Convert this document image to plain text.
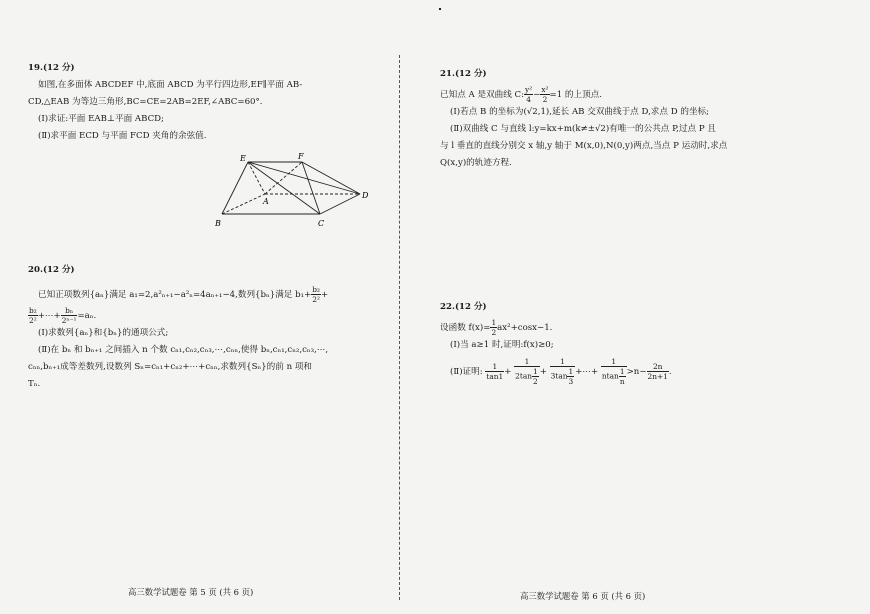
19.(12 分)
如图,在多面体 ABCDEF 中,底面 ABCD 为平行四边形,EF∥平面 AB-
CD,△EAB 为等边三角形,BC=CE=2AB=2EF,∠ABC=60°.
(Ⅰ)求证:平面 EAB⊥平面 ABCD;
(Ⅱ)求平面 ECD 与平面 FCD 夹角的余弦值.
E	F
A
B	C
D
20.(12 分)
已知正项数列{aₙ}满足 a₁=2,a²ₙ₊₁−a²ₙ=4aₙ₊₁−4,数列{bₙ}满足 $b_1+ \frac{\text{b₂}}{\text{2²}}$ +
$\frac{\text{b₂}}{\text{2²}}$ +⋯+ $\frac{\text{bₙ}}{\text{2ⁿ⁻¹}} =a_n$.
(Ⅰ)求数列{aₙ}和{bₙ}的通项公式;
(Ⅱ)在 bₙ 和 bₙ₊₁ 之间插入 n 个数 cₙ₁,cₙ₂,cₙ₃,⋯,cₙₙ,使得 bₙ,cₙ₁,cₙ₂,cₙ₃,⋯,
cₙₙ,bₙ₊₁成等差数列,设数列 Sₙ=cₙ₁+cₙ₂+⋯+cₙₙ,求数列{Sₙ}的前 n 项和
Tₙ.
高三数学试题卷 第 5 页 (共 6 页)
21.(12 分)
已知点 A 是双曲线 C: $\frac{\text{y²}}{4} - \frac{\text{x²}}{2} =1$ 的上顶点.
(Ⅰ)若点 B 的坐标为(√2,1),延长 AB 交双曲线于点 D,求点 D 的坐标;
(Ⅱ)双曲线 C 与直线 l:y=kx+m(k≠±√2)有唯一的公共点 P,过点 P 且
与 l 垂直的直线分别交 x 轴,y 轴于 M(x,0),N(0,y)两点,当点 P 运动时,求点
Q(x,y)的轨迹方程.
22.(12 分)
设函数 $f(x)= \frac{1}{2} ax^2+\cos x-1$.
(Ⅰ)当 a≥1 时,证明:f(x)≥0;
(Ⅱ)证明: $\frac{1}{\tan 1} + \frac{1}{2\tan \frac{1}{2}} + \frac{1}{3\tan \frac{1}{3}}$ +⋯+ $\frac{1}{ntan \frac{1}{n}} >n- \frac{2n}{2n+1}$ .
高三数学试题卷 第 6 页 (共 6 页)
